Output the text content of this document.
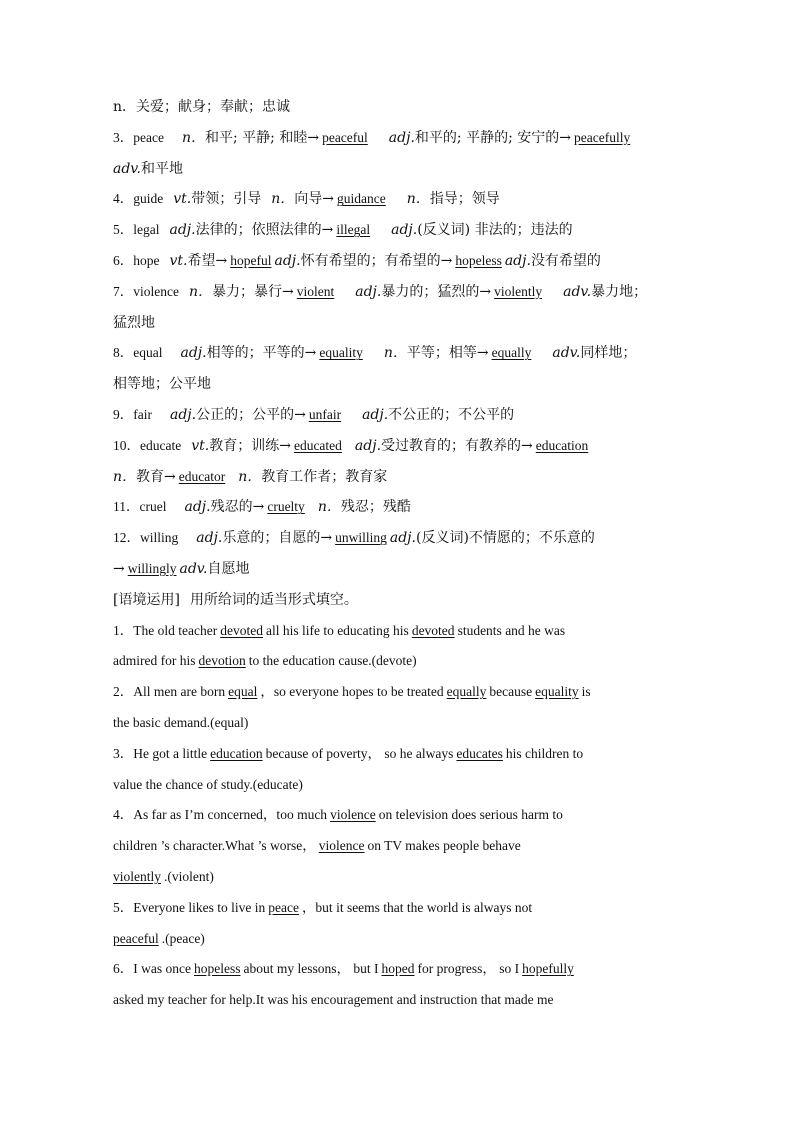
n．关爱；献身；奉献；忠诚
3．peace n．和平; 平静; 和睦→ peaceful adj.和平的; 平静的; 安宁的→ peacefully
adv.和平地
4．guide vt.带领；引导 n．向导→ guidance n．指导；领导
5．legal adj.法律的；依照法律的→ illegal adj.(反义词) 非法的；违法的
6．hope vt.希望→ hopeful adj.怀有希望的；有希望的→ hopeless adj.没有希望的
7．violence n．暴力；暴行→ violent adj.暴力的；猛烈的→ violently adv.暴力地；
猛烈地
8．equal adj.相等的；平等的→ equality n．平等；相等→ equally adv.同样地；
相等地；公平地
9．fair adj.公正的；公平的→ unfair adj.不公正的；不公平的
10．educate vt.教育；训练→ educated adj.受过教育的；有教养的→ education
n．教育→ educator n．教育工作者；教育家
11．cruel adj.残忍的→ cruelty n．残忍；残酷
12．willing adj.乐意的；自愿的→ unwilling adj.(反义词)不情愿的；不乐意的
→ willingly adv.自愿地
[语境运用] 用所给词的适当形式填空。
1．The old teacher devoted all his life to educating his devoted students and he was
admired for his devotion to the education cause.(devote)
2．All men are born equal ，so everyone hopes to be treated equally because equality is
the basic demand.(equal)
3．He got a little education because of poverty， so he always educates his children to
value the chance of study.(educate)
4．As far as I’m concerned，too much violence on television does serious harm to
children ’s character.What ’s worse， violence on TV makes people behave
violently .(violent)
5．Everyone likes to live in peace ，but it seems that the world is always not
peaceful .(peace)
6．I was once hopeless about my lessons， but I hoped for progress， so I hopefully
asked my teacher for help.It was his encouragement and instruction that made me
